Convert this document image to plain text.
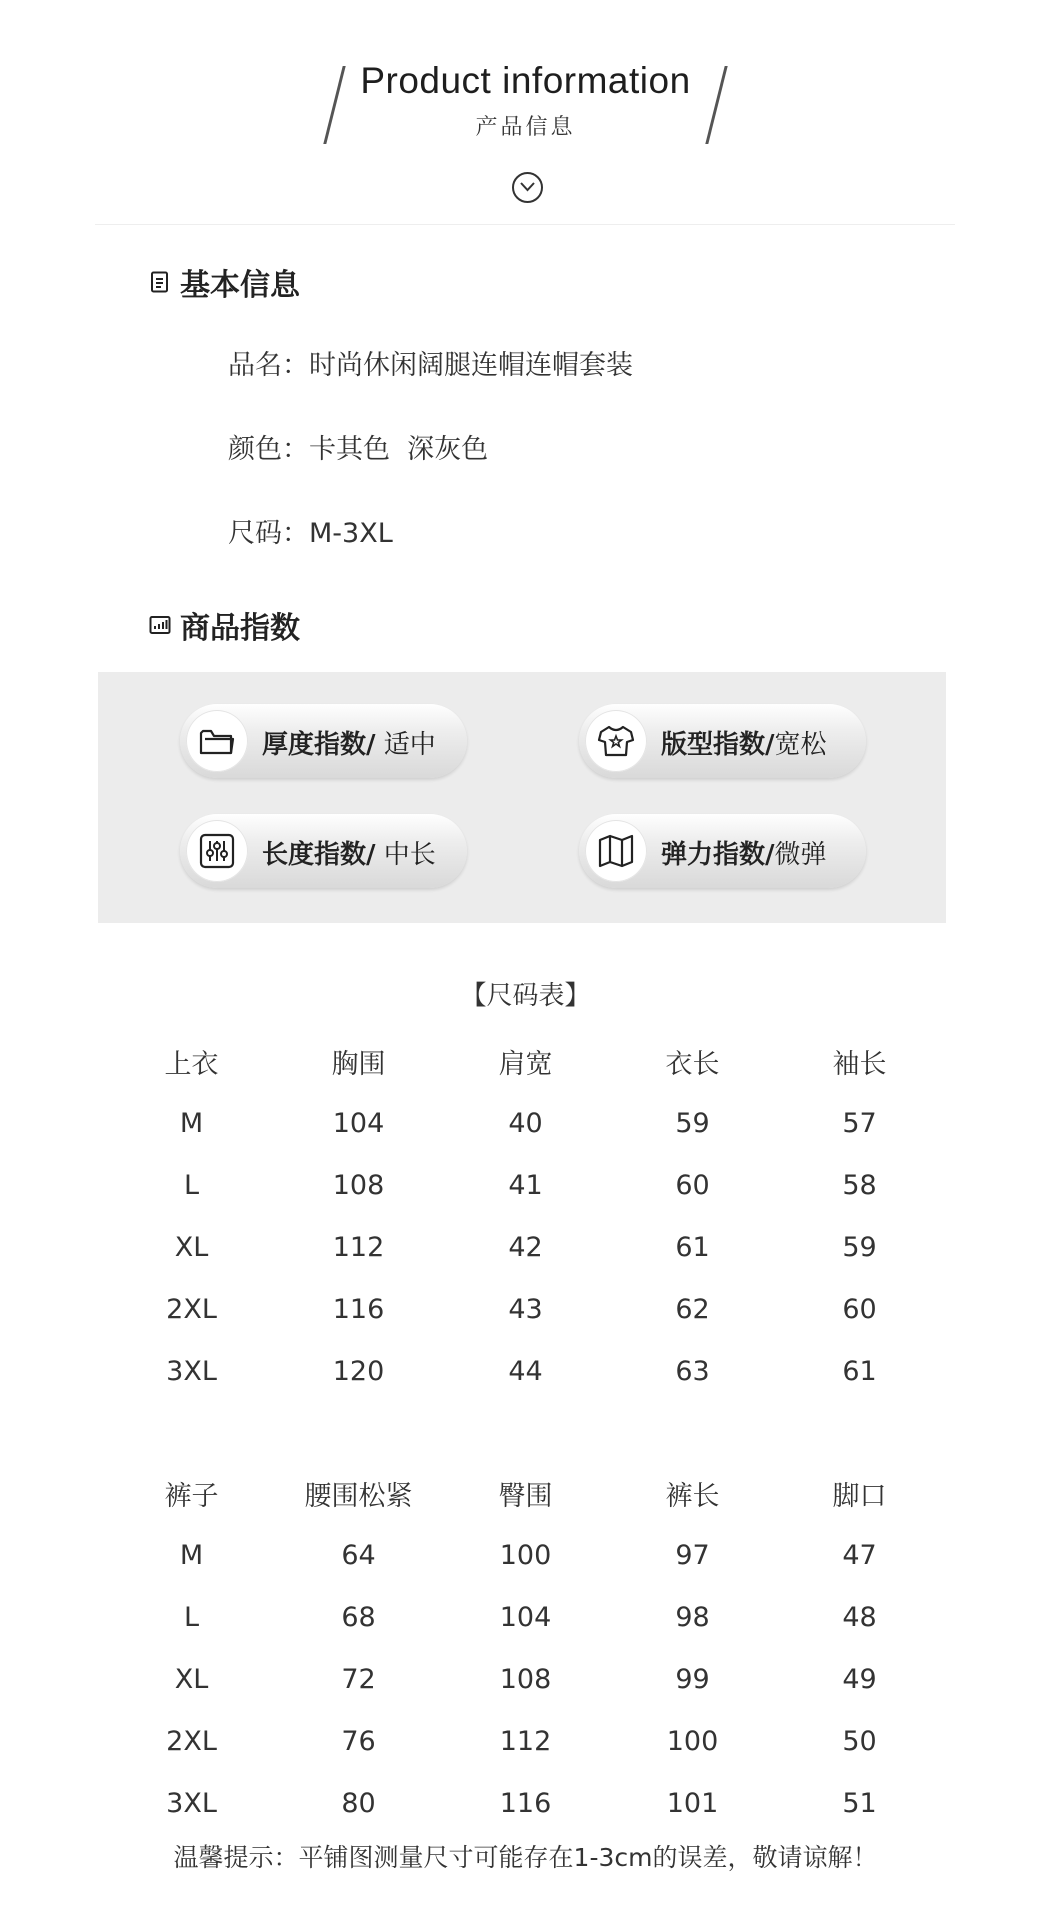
Product information
产品信息
基本信息
品名：时尚休闲阔腿连帽连帽套装
颜色：卡其色  深灰色
尺码：M-3XL
商品指数
厚度指数/ 适中	版型指数/宽松
长度指数/ 中长	弹力指数/微弹
【尺码表】
上衣	胸围	肩宽	衣长	袖长
M	104	40	59	57
L	108	41	60	58
XL	112	42	61	59
2XL	116	43	62	60
3XL	120	44	63	61
裤子	腰围松紧	臀围	裤长	脚口
M	64	100	97	47
L	68	104	98	48
XL	72	108	99	49
2XL	76	112	100	50
3XL	80	116	101	51
温馨提示：平铺图测量尺寸可能存在1-3cm的误差，敬请谅解！
